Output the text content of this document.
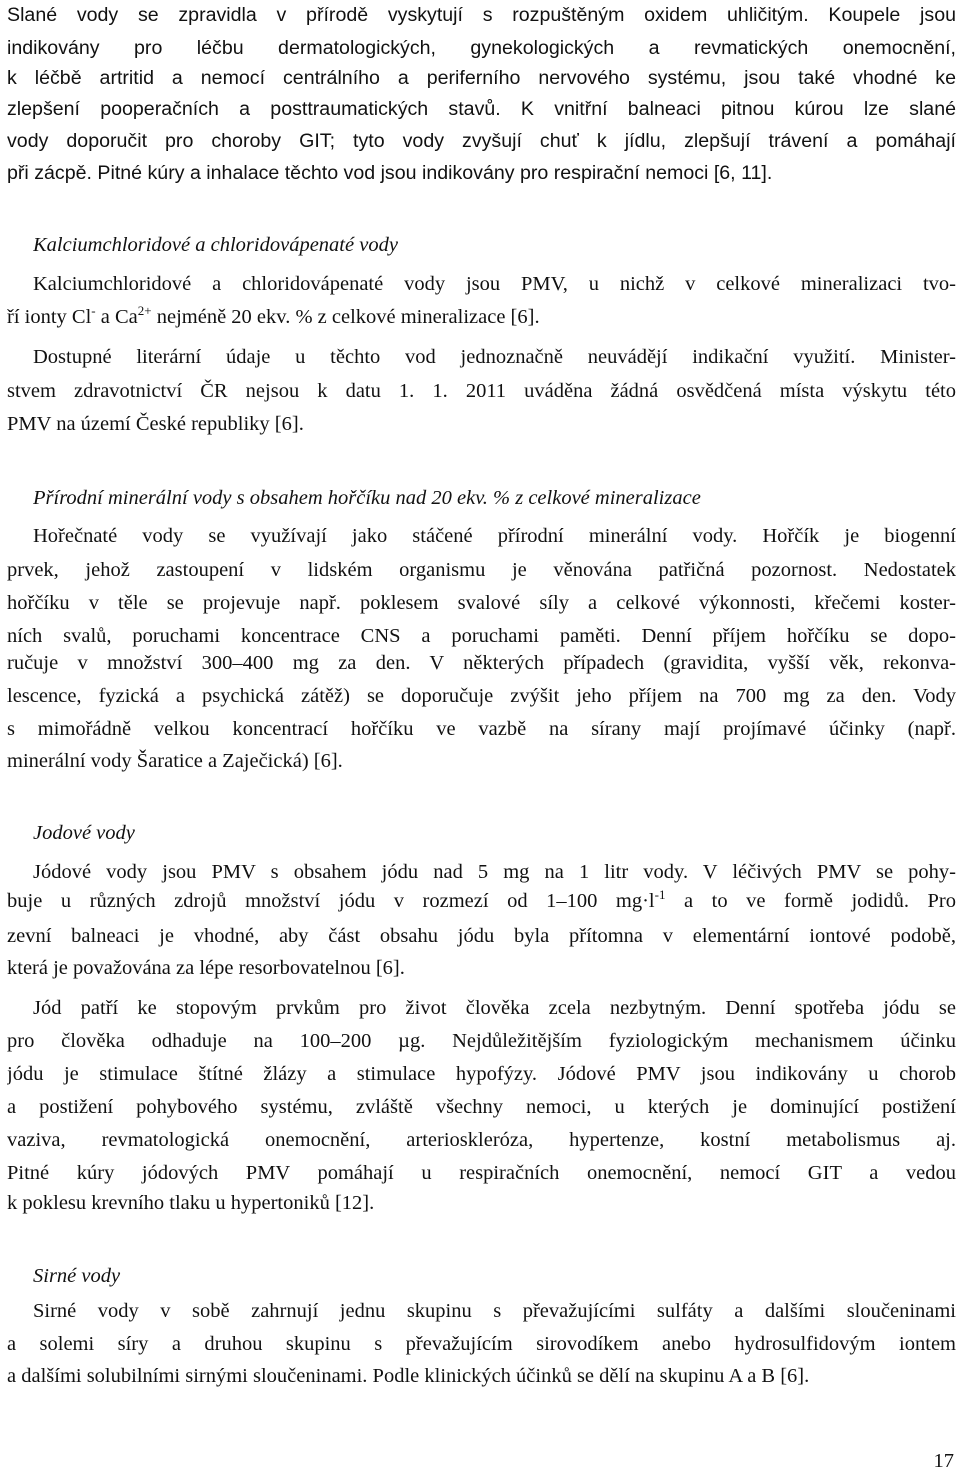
Slané vody se zpravidla v přírodě vyskytují s rozpuštěným oxidem uhličitým. Koupele jsou
indikovány pro léčbu dermatologických, gynekologických a revmatických onemocnění,
k léčbě artritid a nemocí centrálního a periferního nervového systému, jsou také vhodné ke
zlepšení pooperačních a posttraumatických stavů. K vnitřní balneaci pitnou kúrou lze slané
vody doporučit pro choroby GIT; tyto vody zvyšují chuť k jídlu, zlepšují trávení a pomáhají
při zácpě. Pitné kúry a inhalace těchto vod jsou indikovány pro respirační nemoci [6, 11].
Kalciumchloridové a chloridovápenaté vody
Kalciumchloridové a chloridovápenaté vody jsou PMV, u nichž v celkové mineralizaci tvo-
ří ionty Cl- a $Ca^{2+}$ nejméně 20 ekv. % z celkové mineralizace [6].
Dostupné literární údaje u těchto vod jednoznačně neuvádějí indikační využití. Minister-
stvem zdravotnictví ČR nejsou k datu 1. 1. 2011 uváděna žádná osvědčená místa výskytu této
PMV na území České republiky [6].
Přírodní minerální vody s obsahem hořčíku nad 20 ekv. % z celkové mineralizace
Hořečnaté vody se využívají jako stáčené přírodní minerální vody. Hořčík je biogenní
prvek, jehož zastoupení v lidském organismu je věnována patřičná pozornost. Nedostatek
hořčíku v těle se projevuje např. poklesem svalové síly a celkové výkonnosti, křečemi koster-
ních svalů, poruchami koncentrace CNS a poruchami paměti. Denní příjem hořčíku se dopo-
ručuje v množství 300–400 mg za den. V některých případech (gravidita, vyšší věk, rekonva-
lescence, fyzická a psychická zátěž) se doporučuje zvýšit jeho příjem na 700 mg za den. Vody
s mimořádně velkou koncentrací hořčíku ve vazbě na sírany mají projímavé účinky (např.
minerální vody Šaratice a Zaječická) [6].
Jodové vody
Jódové vody jsou PMV s obsahem jódu nad 5 mg na 1 litr vody. V léčivých PMV se pohy-
buje u různých zdrojů množství jódu v rozmezí od 1–100 $mg\cdot l^{-1}$ a to ve formě jodidů. Pro
zevní balneaci je vhodné, aby část obsahu jódu byla přítomna v elementární iontové podobě,
která je považována za lépe resorbovatelnou [6].
Jód patří ke stopovým prvkům pro život člověka zcela nezbytným. Denní spotřeba jódu se
pro člověka odhaduje na 100–200 µg. Nejdůležitějším fyziologickým mechanismem účinku
jódu je stimulace štítné žlázy a stimulace hypofýzy. Jódové PMV jsou indikovány u chorob
a postižení pohybového systému, zvláště všechny nemoci, u kterých je dominující postižení
vaziva, revmatologická onemocnění, arterioskleróza, hypertenze, kostní metabolismus aj.
Pitné kúry jódových PMV pomáhají u respiračních onemocnění, nemocí GIT a vedou
k poklesu krevního tlaku u hypertoniků [12].
Sirné vody
Sirné vody v sobě zahrnují jednu skupinu s převažujícími sulfáty a dalšími sloučeninami
a solemi síry a druhou skupinu s převažujícím sirovodíkem anebo hydrosulfidovým iontem
a dalšími solubilními sirnými sloučeninami. Podle klinických účinků se dělí na skupinu A a B [6].
17
